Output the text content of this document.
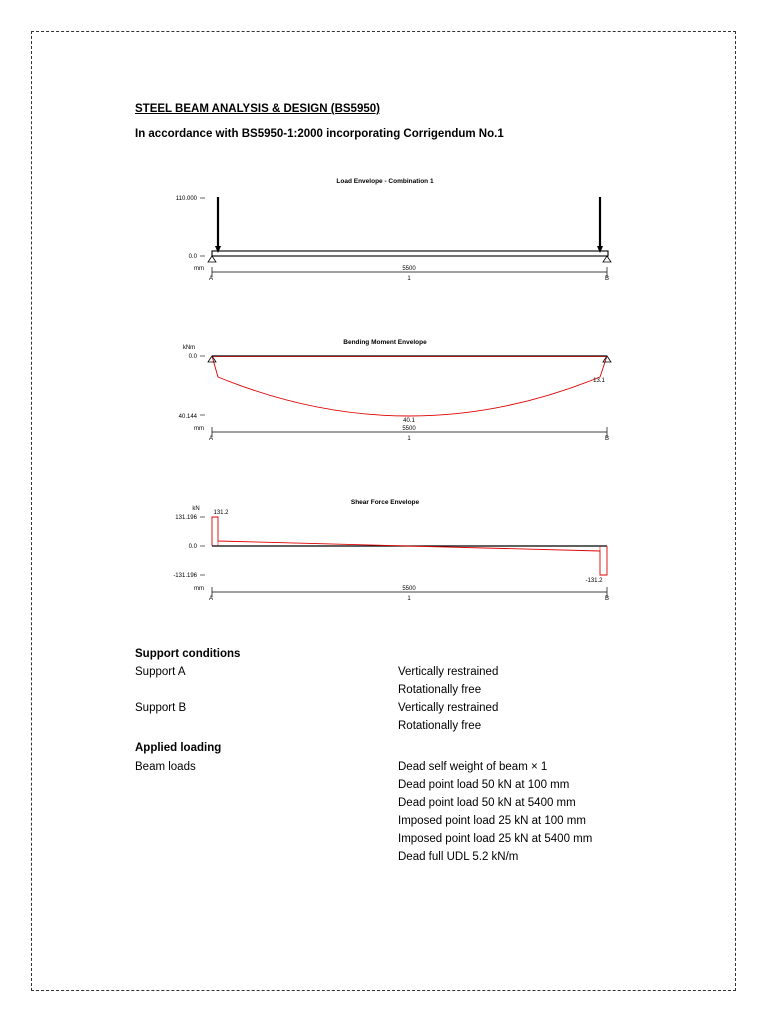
STEEL BEAM ANALYSIS & DESIGN (BS5950)
In accordance with BS5950-1:2000 incorporating Corrigendum No.1
Load Envelope - Combination 1
110.000
0.0
mm	5500
1
A	B
Bending Moment Envelope
kNm
0.0
40.144
40.1
13.1
mm	5500
1
A	B
Shear Force Envelope
kN
131.196
0.0
-131.196
131.2
-131.2
mm	5500
1
A	B
Support conditions
Support A	Vertically restrained
Rotationally free
Support B	Vertically restrained
Rotationally free
Applied loading
Beam loads	Dead self weight of beam × 1
Dead point load 50 kN at 100 mm
Dead point load 50 kN at 5400 mm
Imposed point load 25 kN at 100 mm
Imposed point load 25 kN at 5400 mm
Dead full UDL 5.2 kN/m
